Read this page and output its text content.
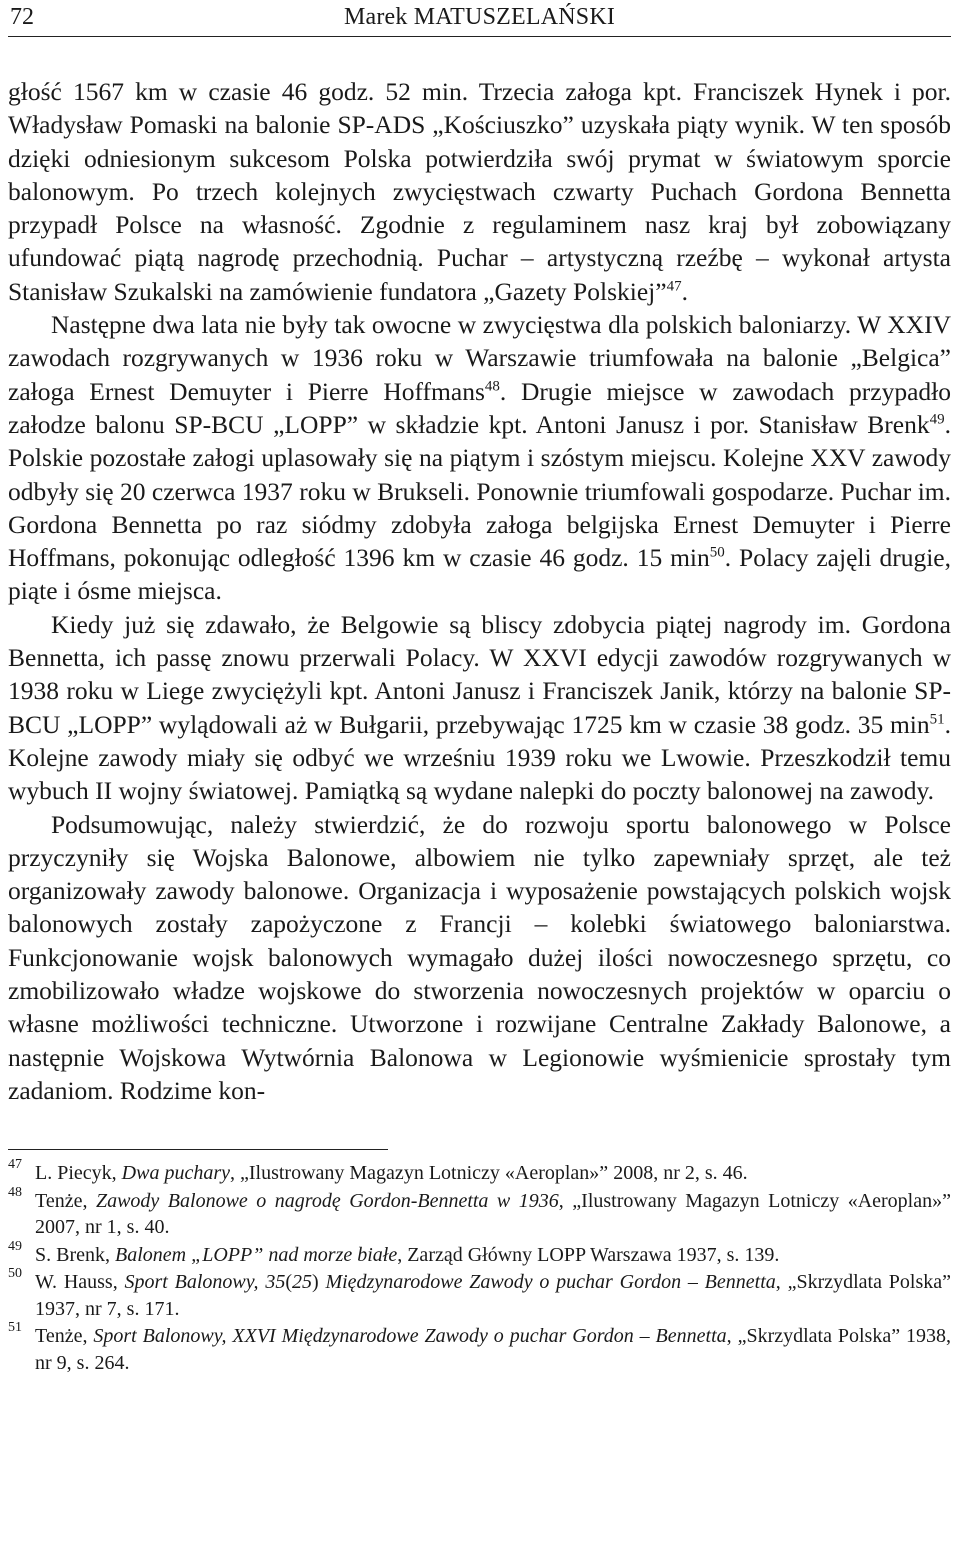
72	Marek MATUSZELAŃSKI

głość 1567 km w czasie 46 godz. 52 min. Trzecia załoga kpt. Franciszek Hynek i por. Władysław Pomaski na balonie SP-ADS „Kościuszko” uzyskała piąty wynik. W ten sposób dzięki odniesionym sukcesom Polska potwierdziła swój prymat w światowym sporcie balonowym. Po trzech kolejnych zwycięstwach czwarty Puchach Gordona Bennetta przypadł Polsce na własność. Zgodnie z regulaminem nasz kraj był zobowiązany ufundować piątą nagrodę przechodnią. Puchar – artystyczną rzeźbę – wykonał artysta Stanisław Szukalski na zamówienie fundatora „Gazety Polskiej”$^{47}$.

Następne dwa lata nie były tak owocne w zwycięstwa dla polskich baloniarzy. W XXIV zawodach rozgrywanych w 1936 roku w Warszawie triumfowała na balonie „Belgica” załoga Ernest Demuyter i Pierre Hoffmans$^{48}$. Drugie miejsce w zawodach przypadło załodze balonu SP-BCU „LOPP” w składzie kpt. Antoni Janusz i por. Stanisław Brenk$^{49}$. Polskie pozostałe załogi uplasowały się na piątym i szóstym miejscu. Kolejne XXV zawody odbyły się 20 czerwca 1937 roku w Brukseli. Ponownie triumfowali gospodarze. Puchar im. Gordona Bennetta po raz siódmy zdobyła załoga belgijska Ernest Demuyter i Pierre Hoffmans, pokonując odległość 1396 km w czasie 46 godz. 15 $\min^{50}$. Polacy zajęli drugie, piąte i ósme miejsca.

Kiedy już się zdawało, że Belgowie są bliscy zdobycia piątej nagrody im. Gordona Bennetta, ich passę znowu przerwali Polacy. W XXVI edycji zawodów rozgrywanych w 1938 roku w Liege zwyciężyli kpt. Antoni Janusz i Franciszek Janik, którzy na balonie SP-BCU „LOPP” wylądowali aż w Bułgarii, przebywając 1725 km w czasie 38 godz. 35 $\min^{51}$. Kolejne zawody miały się odbyć we wrześniu 1939 roku we Lwowie. Przeszkodził temu wybuch II wojny światowej. Pamiątką są wydane nalepki do poczty balonowej na zawody.

Podsumowując, należy stwierdzić, że do rozwoju sportu balonowego w Polsce przyczyniły się Wojska Balonowe, albowiem nie tylko zapewniały sprzęt, ale też organizowały zawody balonowe. Organizacja i wyposażenie powstających polskich wojsk balonowych zostały zapożyczone z Francji – kolebki światowego baloniarstwa. Funkcjonowanie wojsk balonowych wymagało dużej ilości nowoczesnego sprzętu, co zmobilizowało władze wojskowe do stworzenia nowoczesnych projektów w oparciu o własne możliwości techniczne. Utworzone i rozwijane Centralne Zakłady Balonowe, a następnie Wojskowa Wytwórnia Balonowa w Legionowie wyśmienicie sprostały tym zadaniom. Rodzime kon-

47 L. Piecyk, Dwa puchary, „Ilustrowany Magazyn Lotniczy «Aeroplan»” 2008, nr 2, s. 46.
48 Tenże, Zawody Balonowe o nagrodę Gordon-Bennetta w 1936, „Ilustrowany Magazyn Lotniczy «Aeroplan»” 2007, nr 1, s. 40.
49 S. Brenk, Balonem „LOPP” nad morze białe, Zarząd Główny LOPP Warszawa 1937, s. 139.
50 W. Hauss, Sport Balonowy, 35(25) Międzynarodowe Zawody o puchar Gordon – Bennetta, „Skrzydlata Polska” 1937, nr 7, s. 171.
51 Tenże, Sport Balonowy, XXVI Międzynarodowe Zawody o puchar Gordon – Bennetta, „Skrzydlata Polska” 1938, nr 9, s. 264.
